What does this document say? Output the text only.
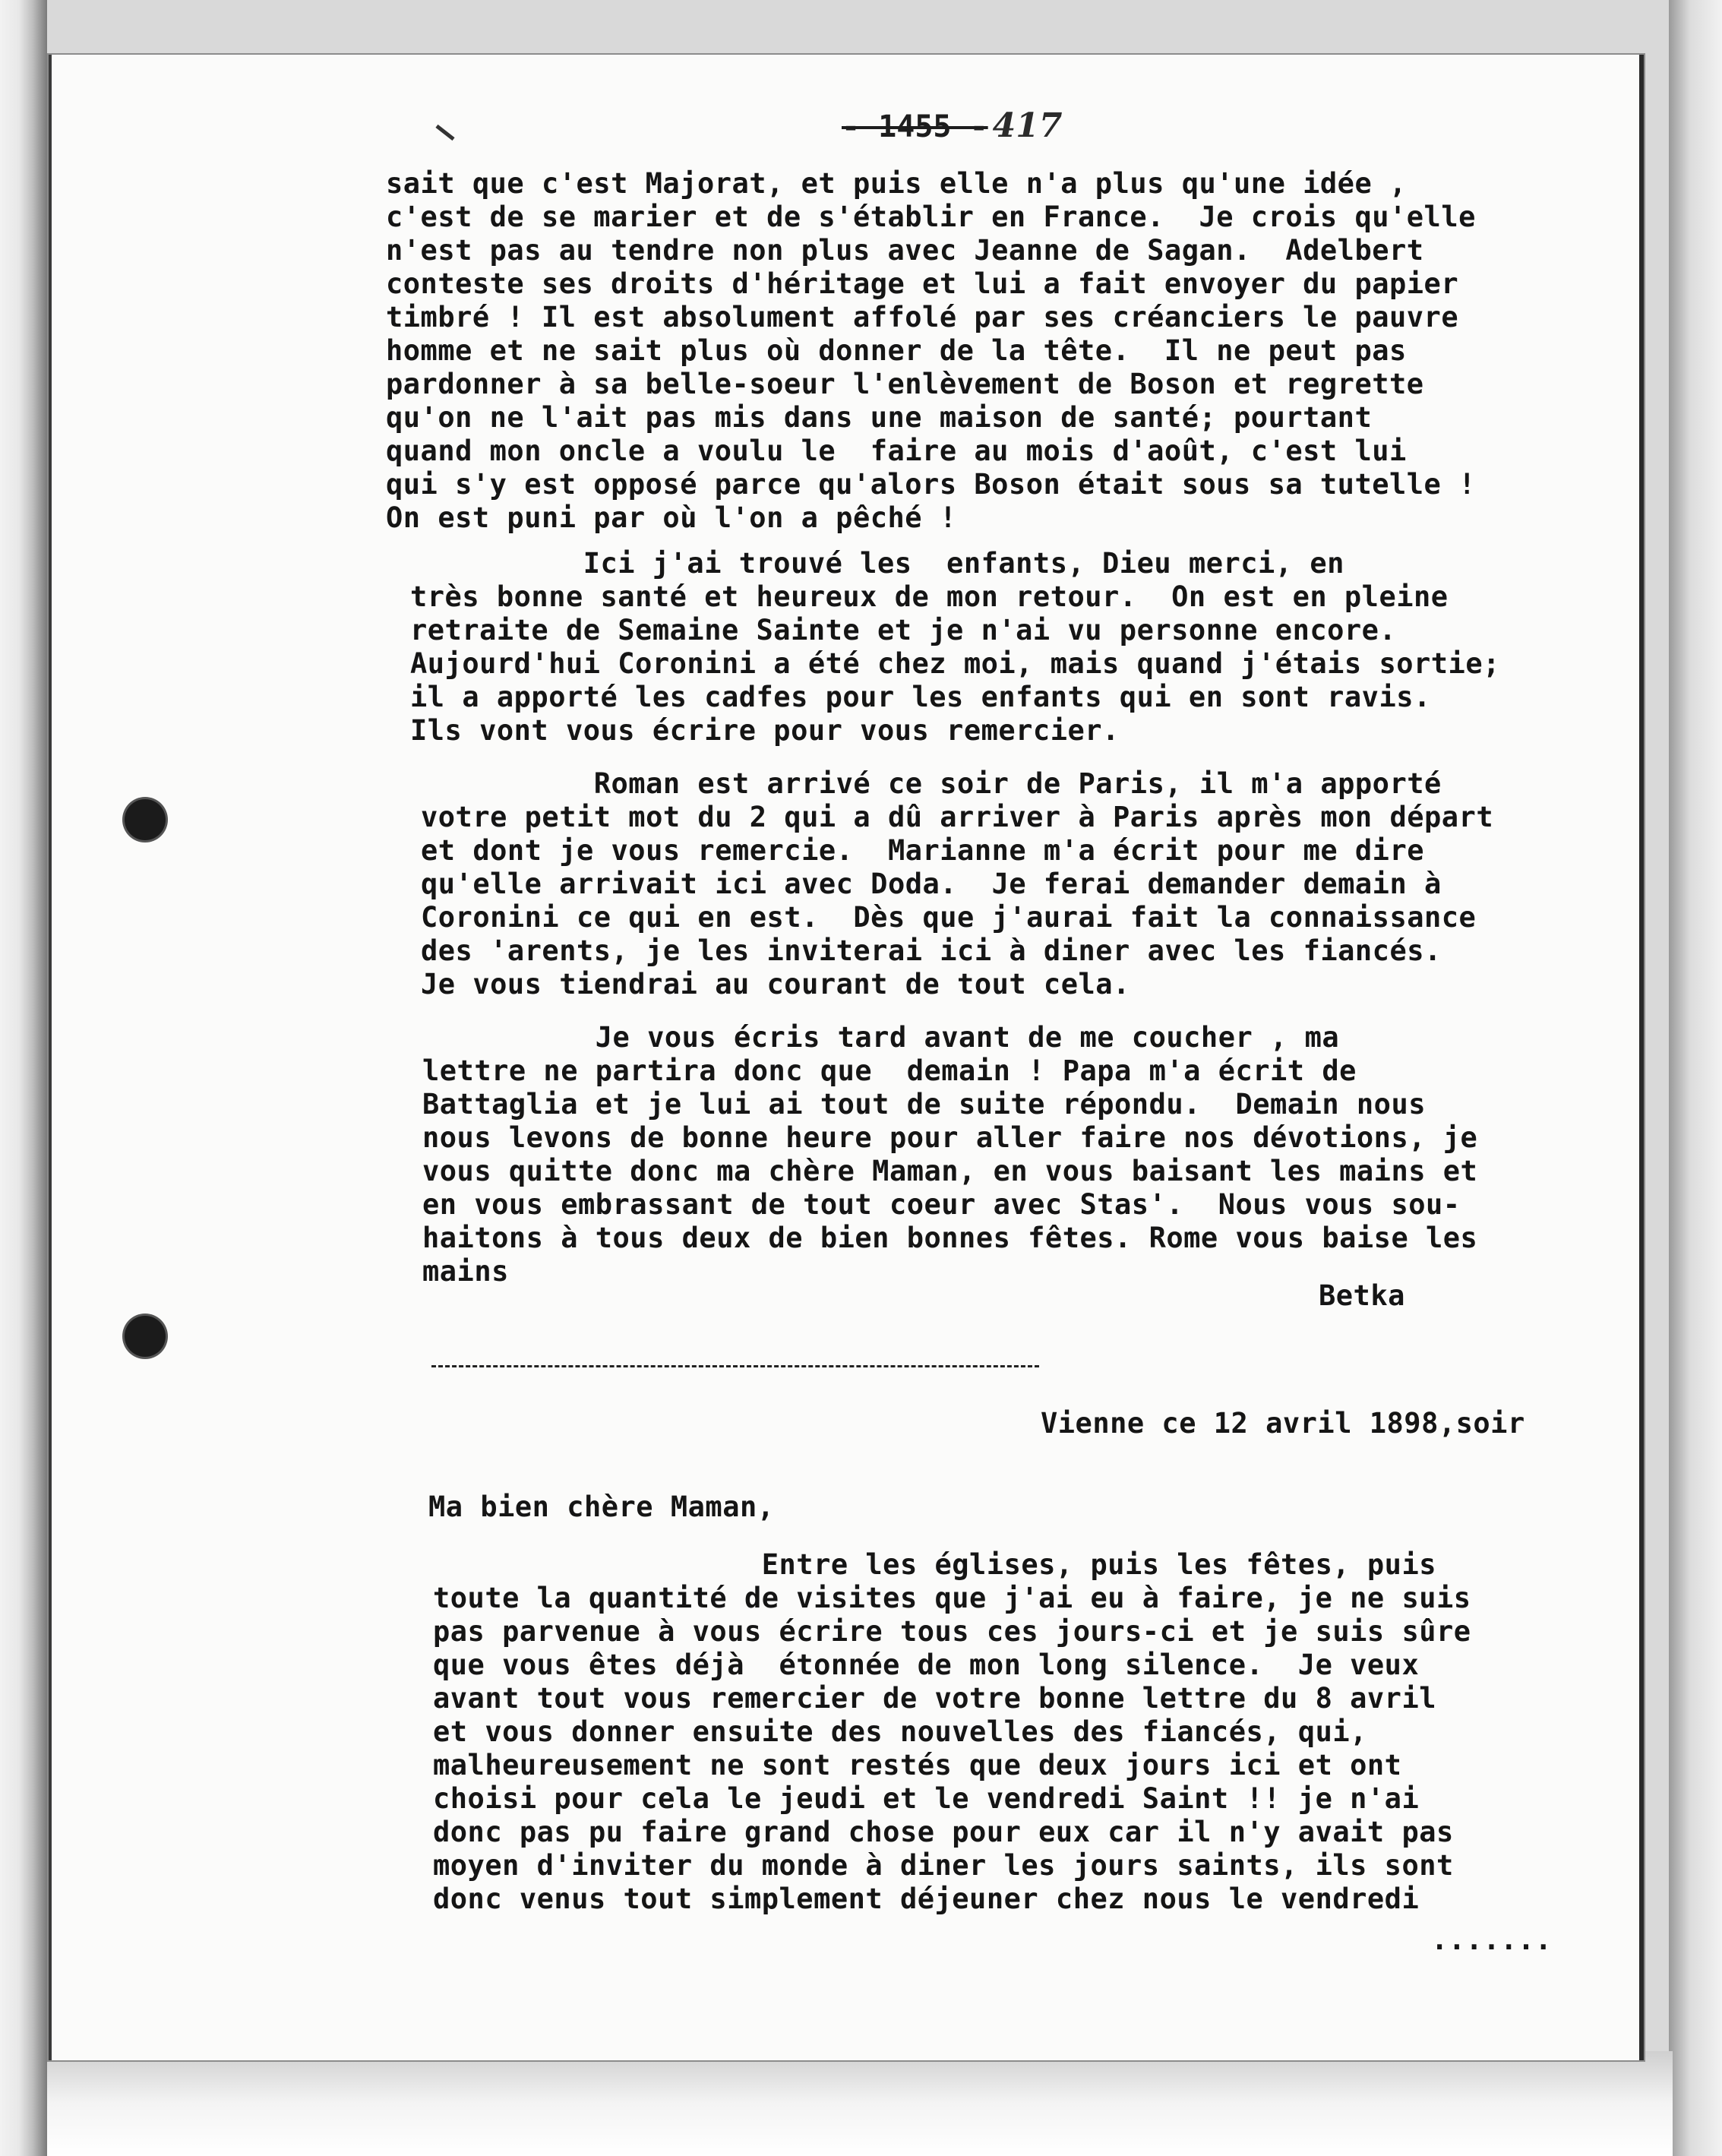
- 1455 - 417
sait que c'est Majorat, et puis elle n'a plus qu'une idée ,
c'est de se marier et de s'établir en France.  Je crois qu'elle
n'est pas au tendre non plus avec Jeanne de Sagan.  Adelbert
conteste ses droits d'héritage et lui a fait envoyer du papier
timbré ! Il est absolument affolé par ses créanciers le pauvre
homme et ne sait plus où donner de la tête.  Il ne peut pas
pardonner à sa belle-soeur l'enlèvement de Boson et regrette
qu'on ne l'ait pas mis dans une maison de santé; pourtant
quand mon oncle a voulu le  faire au mois d'août, c'est lui
qui s'y est opposé parce qu'alors Boson était sous sa tutelle !
On est puni par où l'on a pêché !
Ici j'ai trouvé les  enfants, Dieu merci, en
très bonne santé et heureux de mon retour.  On est en pleine
retraite de Semaine Sainte et je n'ai vu personne encore.
Aujourd'hui Coronini a été chez moi, mais quand j'étais sortie;
il a apporté les cadfes pour les enfants qui en sont ravis.
Ils vont vous écrire pour vous remercier.
Roman est arrivé ce soir de Paris, il m'a apporté
votre petit mot du 2 qui a dû arriver à Paris après mon départ
et dont je vous remercie.  Marianne m'a écrit pour me dire
qu'elle arrivait ici avec Doda.  Je ferai demander demain à
Coronini ce qui en est.  Dès que j'aurai fait la connaissance
des 'arents, je les inviterai ici à diner avec les fiancés.
Je vous tiendrai au courant de tout cela.
Je vous écris tard avant de me coucher , ma
lettre ne partira donc que  demain ! Papa m'a écrit de
Battaglia et je lui ai tout de suite répondu.  Demain nous
nous levons de bonne heure pour aller faire nos dévotions, je
vous quitte donc ma chère Maman, en vous baisant les mains et
en vous embrassant de tout coeur avec Stas'.  Nous vous sou-
haitons à tous deux de bien bonnes fêtes. Rome vous baise les
mains
Betka
Vienne ce 12 avril 1898,soir
Ma bien chère Maman,
Entre les églises, puis les fêtes, puis
toute la quantité de visites que j'ai eu à faire, je ne suis
pas parvenue à vous écrire tous ces jours-ci et je suis sûre
que vous êtes déjà  étonnée de mon long silence.  Je veux
avant tout vous remercier de votre bonne lettre du 8 avril
et vous donner ensuite des nouvelles des fiancés, qui,
malheureusement ne sont restés que deux jours ici et ont
choisi pour cela le jeudi et le vendredi Saint !! je n'ai
donc pas pu faire grand chose pour eux car il n'y avait pas
moyen d'inviter du monde à diner les jours saints, ils sont
donc venus tout simplement déjeuner chez nous le vendredi
.......
